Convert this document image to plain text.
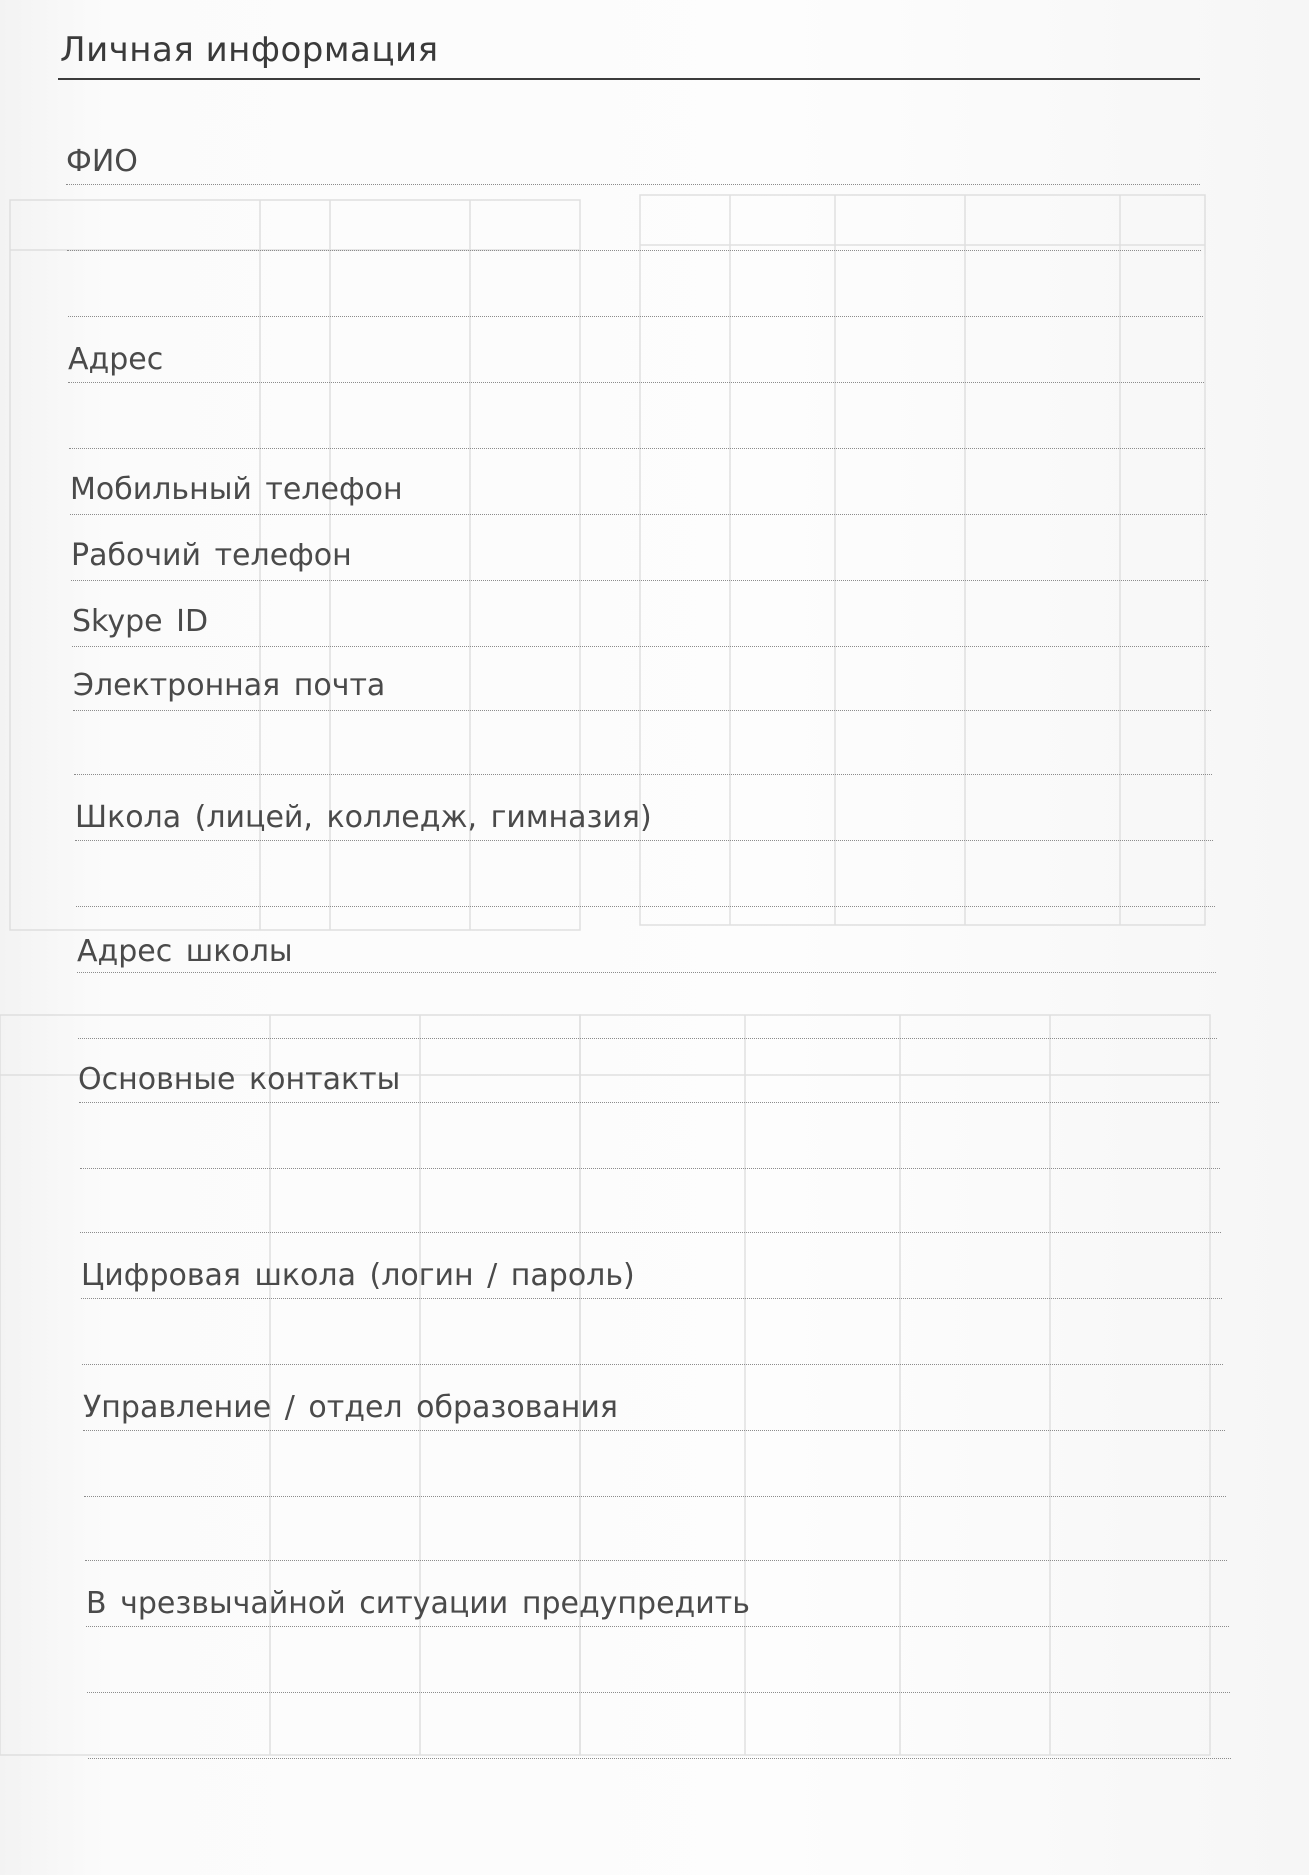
Личная информация
ФИО
Адрес
Мобильный телефон
Рабочий телефон
Skype ID
Электронная почта
Школа (лицей, колледж, гимназия)
Адрес школы
Основные контакты
Цифровая школа (логин / пароль)
Управление / отдел образования
В чрезвычайной ситуации предупредить
